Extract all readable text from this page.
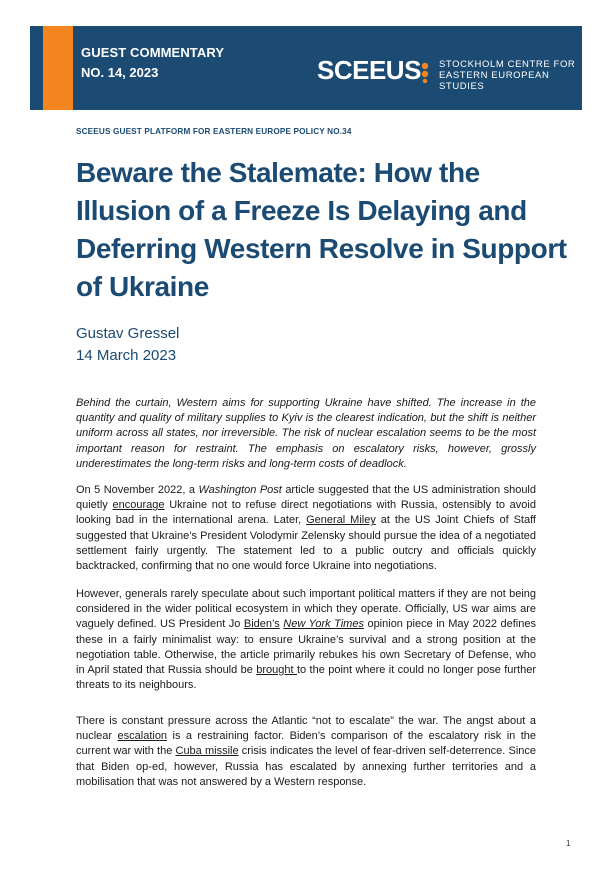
GUEST COMMENTARY
NO. 14, 2023	SCEEUS STOCKHOLM CENTRE FOR
EASTERN EUROPEAN STUDIES
SCEEUS GUEST PLATFORM FOR EASTERN EUROPE POLICY NO.34
Beware the Stalemate: How the Illusion of a Freeze Is Delaying and Deferring Western Resolve in Support of Ukraine
Gustav Gressel
14 March 2023

Behind the curtain, Western aims for supporting Ukraine have shifted. The increase in the quantity and quality of military supplies to Kyiv is the clearest indication, but the shift is neither uniform across all states, nor irreversible. The risk of nuclear escalation seems to be the most important reason for restraint. The emphasis on escalatory risks, however, grossly underestimates the long-term risks and long-term costs of deadlock.

On 5 November 2022, a Washington Post article suggested that the US administration should quietly encourage Ukraine not to refuse direct negotiations with Russia, ostensibly to avoid looking bad in the international arena. Later, General Miley at the US Joint Chiefs of Staff suggested that Ukraine’s President Volodymir Zelensky should pursue the idea of a negotiated settlement fairly urgently. The statement led to a public outcry and officials quickly backtracked, confirming that no one would force Ukraine into negotiations.

However, generals rarely speculate about such important political matters if they are not being considered in the wider political ecosystem in which they operate. Officially, US war aims are vaguely defined. US President Jo Biden’s New York Times opinion piece in May 2022 defines these in a fairly minimalist way: to ensure Ukraine’s survival and a strong position at the negotiation table. Otherwise, the article primarily rebukes his own Secretary of Defense, who in April stated that Russia should be brought to the point where it could no longer pose further threats to its neighbours.

There is constant pressure across the Atlantic “not to escalate” the war. The angst about a nuclear escalation is a restraining factor. Biden’s comparison of the escalatory risk in the current war with the Cuba missile crisis indicates the level of fear-driven self-deterrence. Since that Biden op-ed, however, Russia has escalated by annexing further territories and a mobilisation that was not answered by a Western response.

1
